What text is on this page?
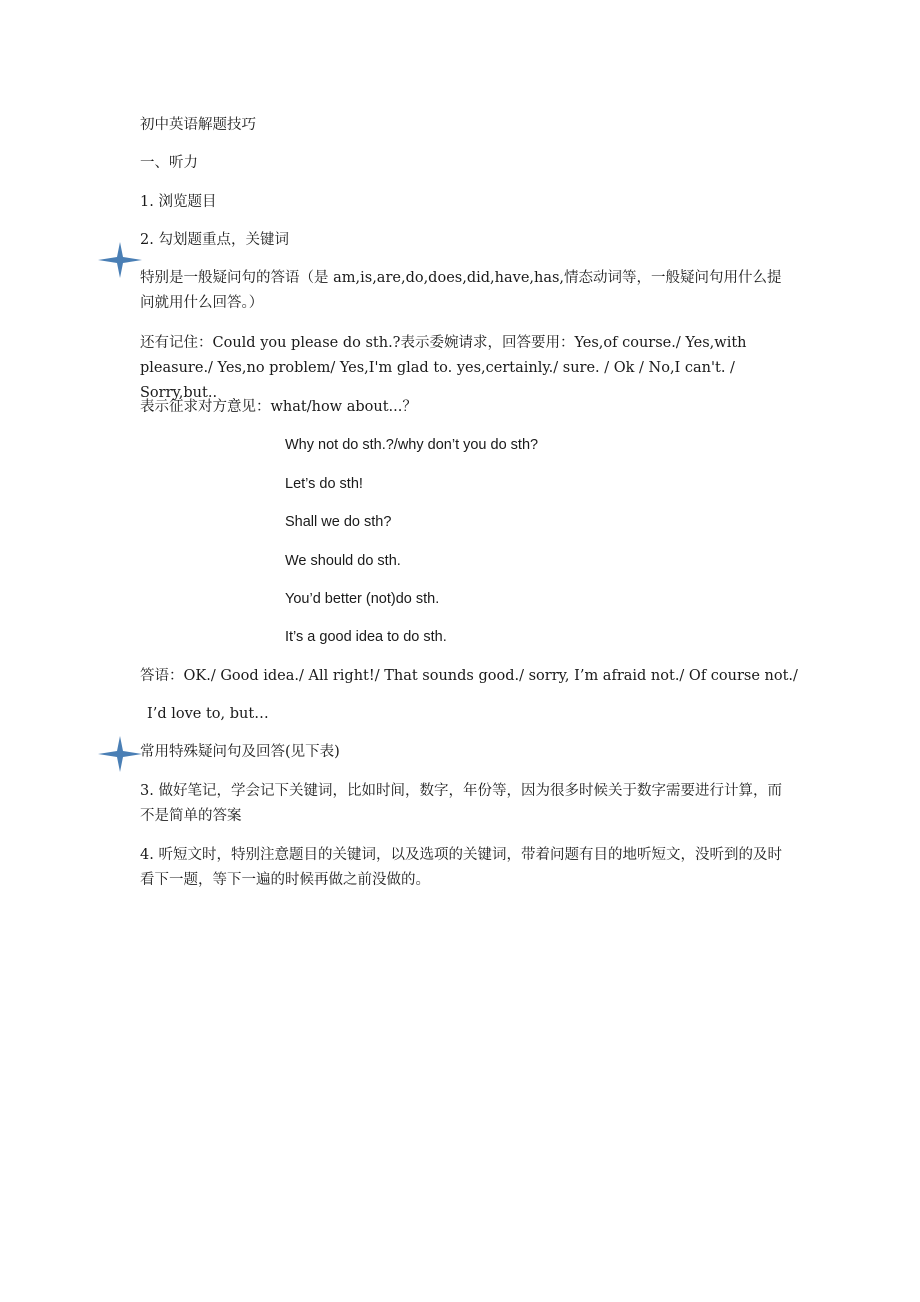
初中英语解题技巧
一、听力
1. 浏览题目
2. 勾划题重点，关键词
特别是一般疑问句的答语（是 am,is,are,do,does,did,have,has,情态动词等，一般疑问句用什么提问就用什么回答。）
还有记住：Could you please do sth.?表示委婉请求，回答要用：Yes,of course./ Yes,with pleasure./ Yes,no problem/ Yes,I'm glad to. yes,certainly./ sure. / Ok / No,I can't. / Sorry,but..
表示征求对方意见：what/how about...？
Why not do sth.?/why don’t you do sth?
Let’s do sth!
Shall we do sth?
We should do sth.
You’d better (not)do sth.
It’s a good idea to do sth.
答语：OK./ Good idea./ All right!/ That sounds good./ sorry, I’m afraid not./ Of course not./
I’d love to, but…
常用特殊疑问句及回答(见下表)
3. 做好笔记，学会记下关键词，比如时间，数字，年份等，因为很多时候关于数字需要进行计算，而不是简单的答案
4. 听短文时，特别注意题目的关键词，以及选项的关键词，带着问题有目的地听短文，没听到的及时看下一题，等下一遍的时候再做之前没做的。
